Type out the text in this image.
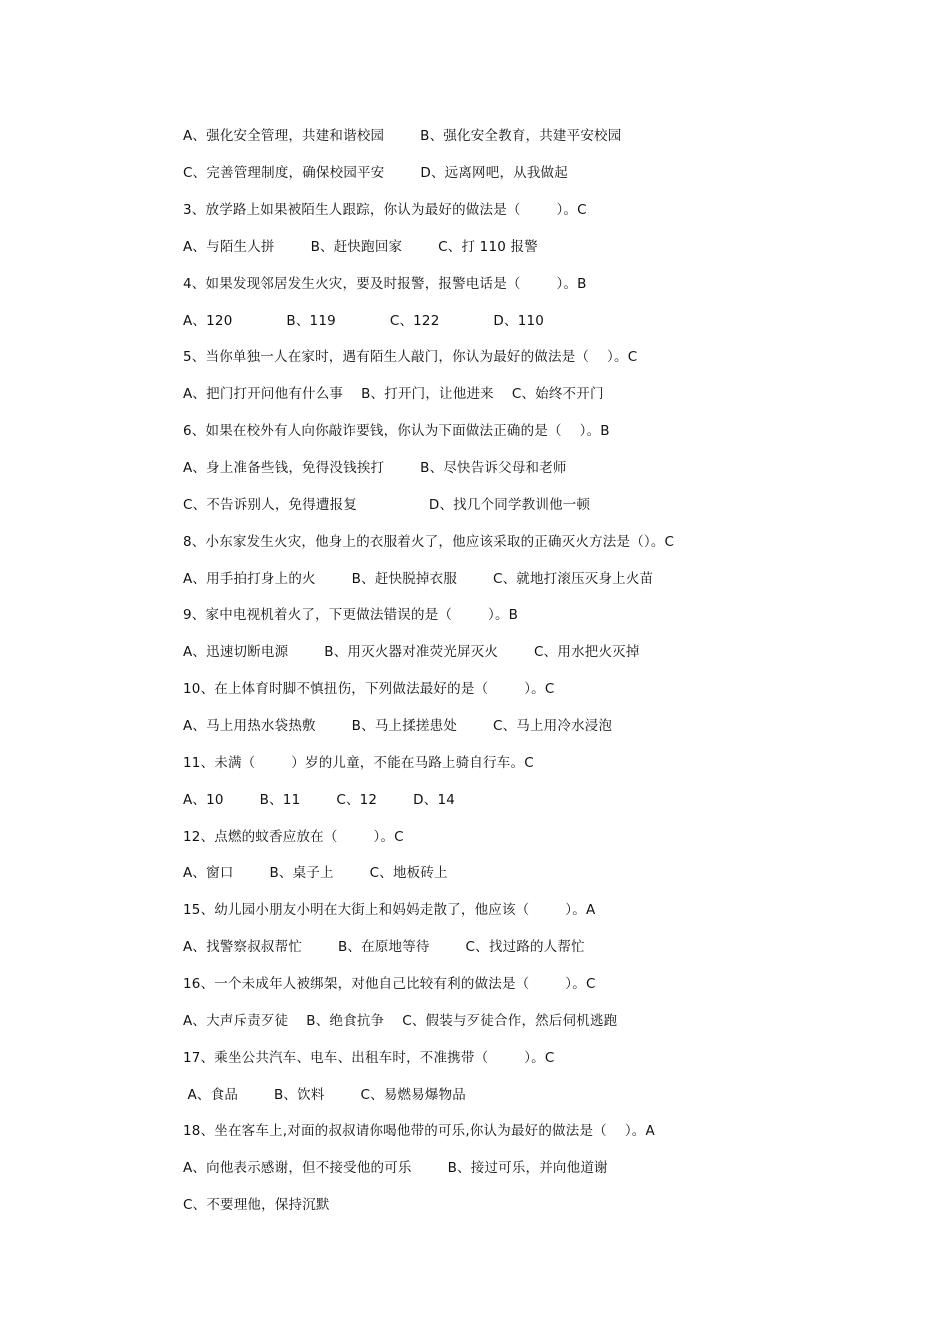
A、强化安全管理，共建和谐校园        B、强化安全教育，共建平安校园
C、完善管理制度，确保校园平安        D、远离网吧，从我做起
3、放学路上如果被陌生人跟踪，你认为最好的做法是（        ）。C
A、与陌生人拼        B、赶快跑回家        C、打 110 报警
4、如果发现邻居发生火灾，要及时报警，报警电话是（        ）。B
A、120            B、119            C、122            D、110
5、当你单独一人在家时，遇有陌生人敲门，你认为最好的做法是（    ）。C
A、把门打开问他有什么事    B、打开门，让他进来    C、始终不开门
6、如果在校外有人向你敲诈要钱，你认为下面做法正确的是（    ）。B
A、身上准备些钱，免得没钱挨打        B、尽快告诉父母和老师
C、不告诉别人，免得遭报复                D、找几个同学教训他一顿
8、小东家发生火灾，他身上的衣服着火了，他应该采取的正确灭火方法是（）。C
A、用手拍打身上的火        B、赶快脱掉衣服        C、就地打滚压灭身上火苗
9、家中电视机着火了，下更做法错误的是（        ）。B
A、迅速切断电源        B、用灭火器对准荧光屏灭火        C、用水把火灭掉
10、在上体育时脚不慎扭伤，下列做法最好的是（        ）。C
A、马上用热水袋热敷        B、马上揉搓患处        C、马上用冷水浸泡
11、未满（        ）岁的儿童，不能在马路上骑自行车。C
A、10        B、11        C、12        D、14
12、点燃的蚊香应放在（        ）。C
A、窗口        B、桌子上        C、地板砖上
15、幼儿园小朋友小明在大街上和妈妈走散了，他应该（        ）。A
A、找警察叔叔帮忙        B、在原地等待        C、找过路的人帮忙
16、一个未成年人被绑架，对他自己比较有利的做法是（        ）。C
A、大声斥责歹徒    B、绝食抗争    C、假装与歹徒合作，然后伺机逃跑
17、乘坐公共汽车、电车、出租车时，不准携带（        ）。C
A、食品        B、饮料        C、易燃易爆物品
18、坐在客车上,对面的叔叔请你喝他带的可乐,你认为最好的做法是（    ）。A
A、向他表示感谢，但不接受他的可乐        B、接过可乐，并向他道谢
C、不要理他，保持沉默
